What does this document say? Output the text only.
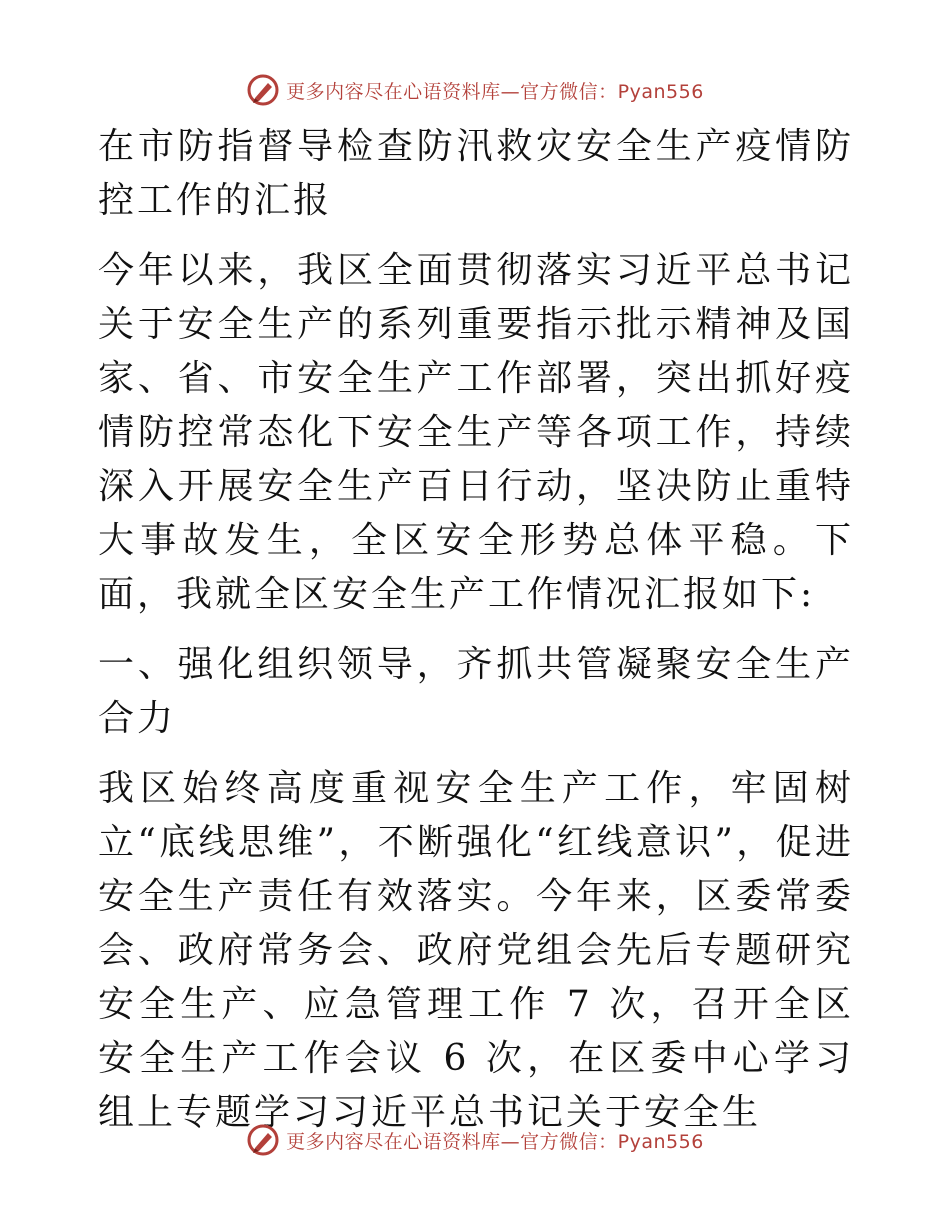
更多内容尽在心语资料库—官方微信：Pyan556

在市防指督导检查防汛救灾安全生产疫情防控工作的汇报

今年以来，我区全面贯彻落实习近平总书记关于安全生产的系列重要指示批示精神及国家、省、市安全生产工作部署，突出抓好疫情防控常态化下安全生产等各项工作，持续深入开展安全生产百日行动，坚决防止重特大事故发生，全区安全形势总体平稳。下面，我就全区安全生产工作情况汇报如下:

一、强化组织领导，齐抓共管凝聚安全生产合力

我区始终高度重视安全生产工作，牢固树立“底线思维”，不断强化“红线意识”，促进安全生产责任有效落实。今年来，区委常委会、政府常务会、政府党组会先后专题研究安全生产、应急管理工作 7 次，召开全区安全生产工作会议 6 次，在区委中心学习组上专题学习习近平总书记关于安全生

更多内容尽在心语资料库—官方微信：Pyan556
